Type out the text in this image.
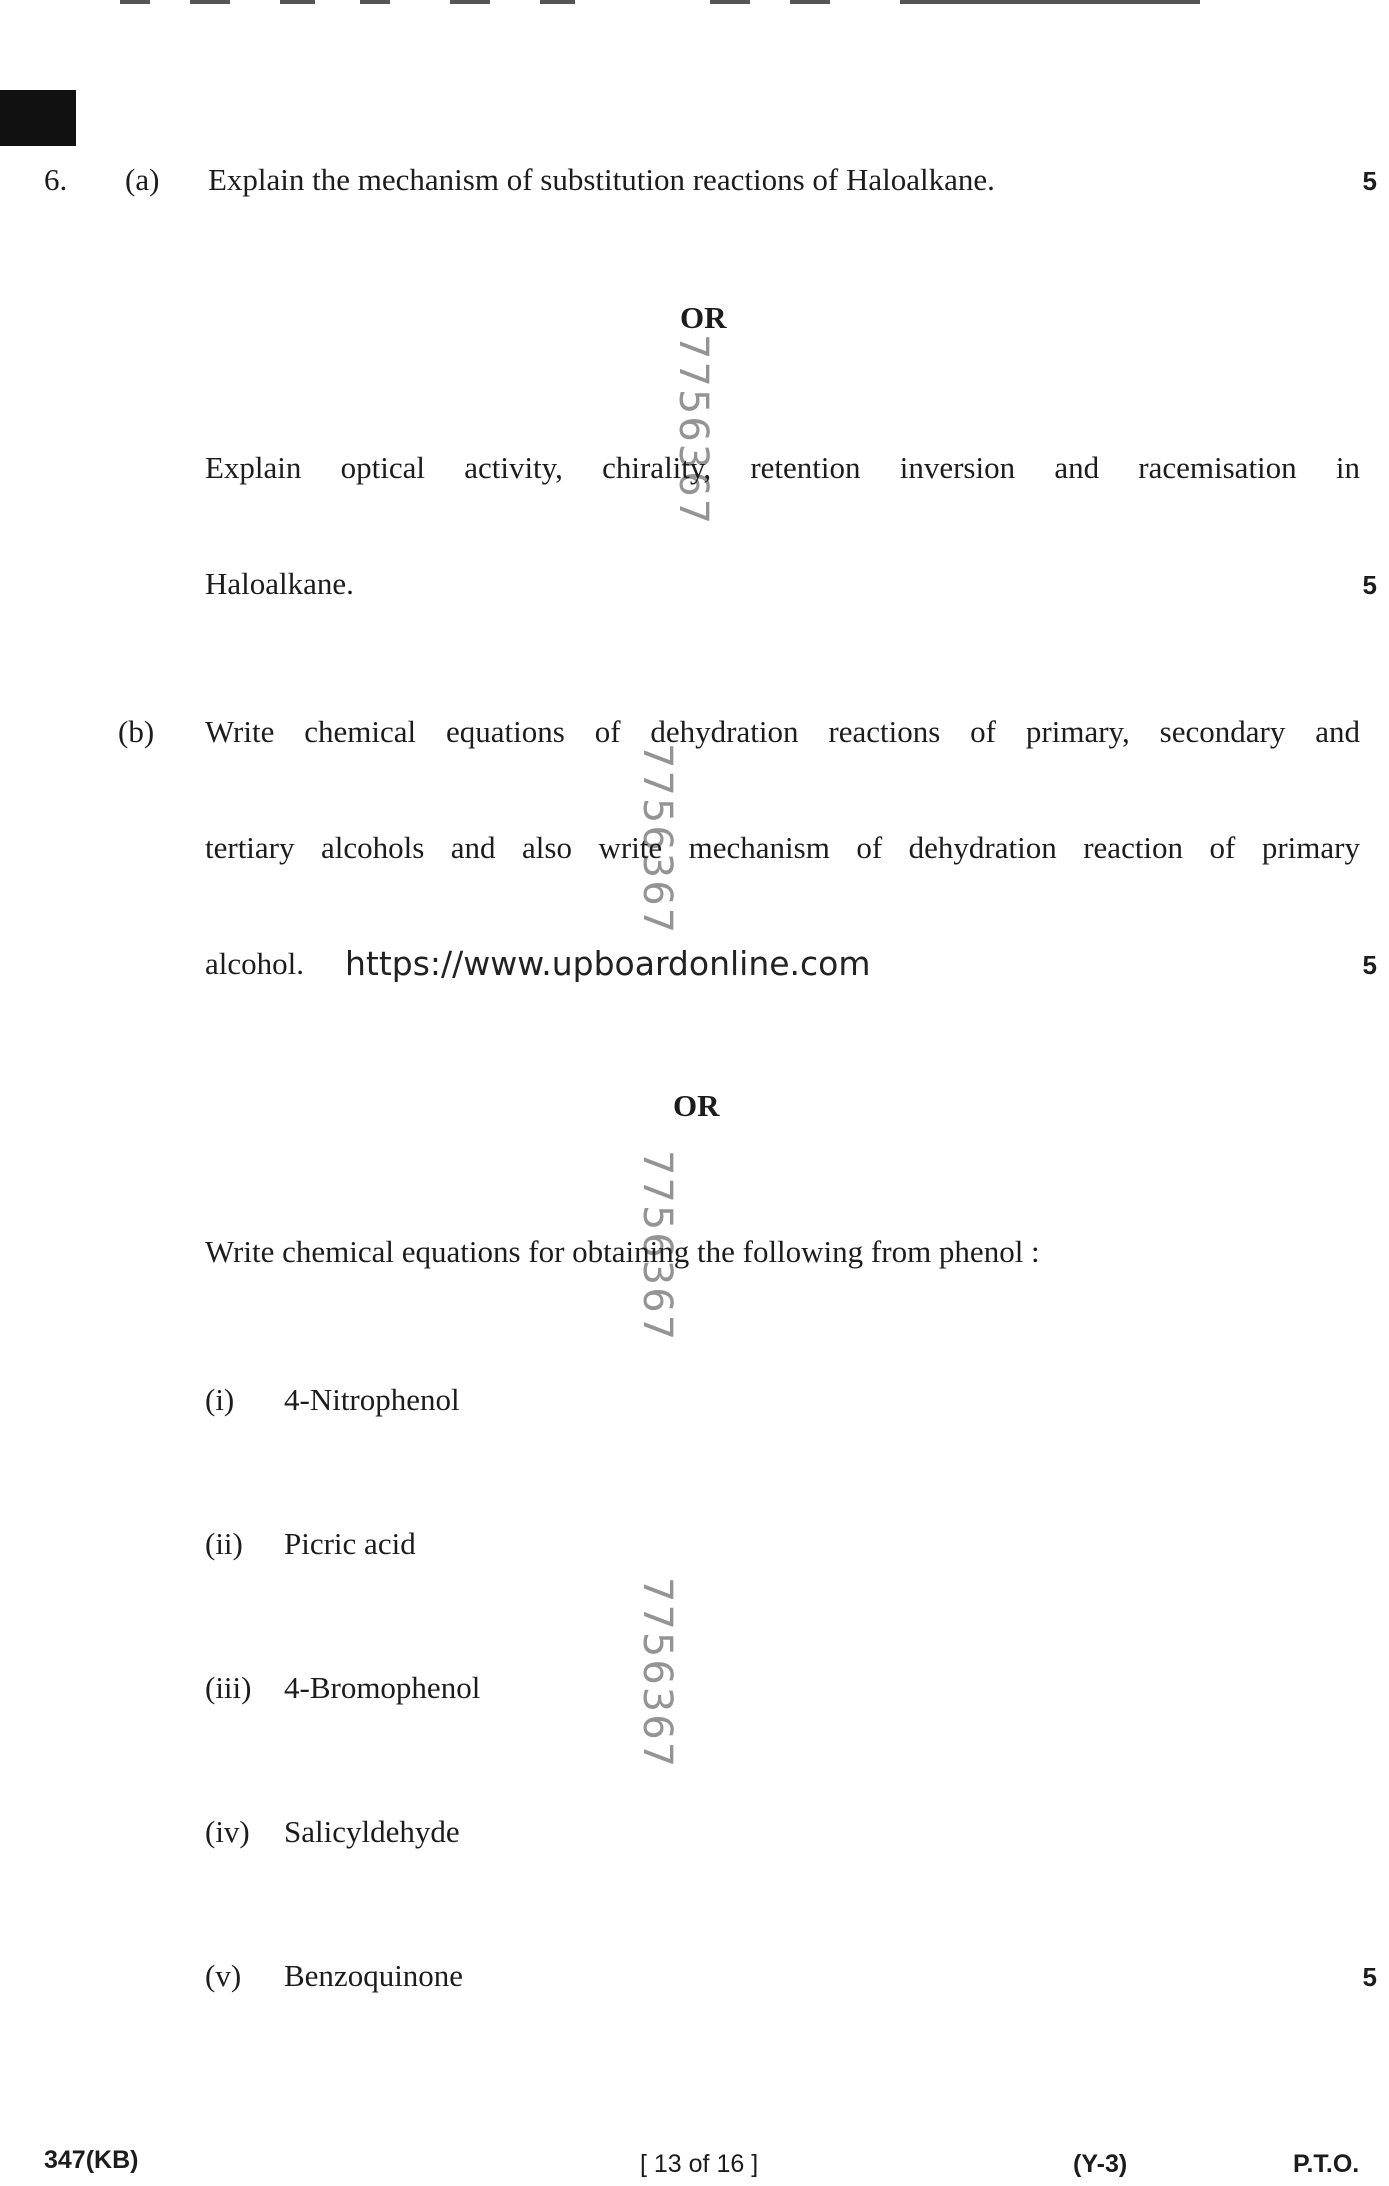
7756367
7756367
7756367
7756367
6. (a) Explain the mechanism of substitution reactions of Haloalkane.	5
OR
Explain optical activity, chirality, retention inversion and racemisation in
Haloalkane.	5
(b) Write chemical equations of dehydration reactions of primary, secondary and
tertiary alcohols and also write mechanism of dehydration reaction of primary
alcohol. https://www.upboardonline.com	5
OR
Write chemical equations for obtaining the following from phenol :
(i) 4-Nitrophenol
(ii) Picric acid
(iii) 4-Bromophenol
(iv) Salicyldehyde
(v) Benzoquinone	5
347(KB)	[ 13 of 16 ]	(Y-3)	P.T.O.
